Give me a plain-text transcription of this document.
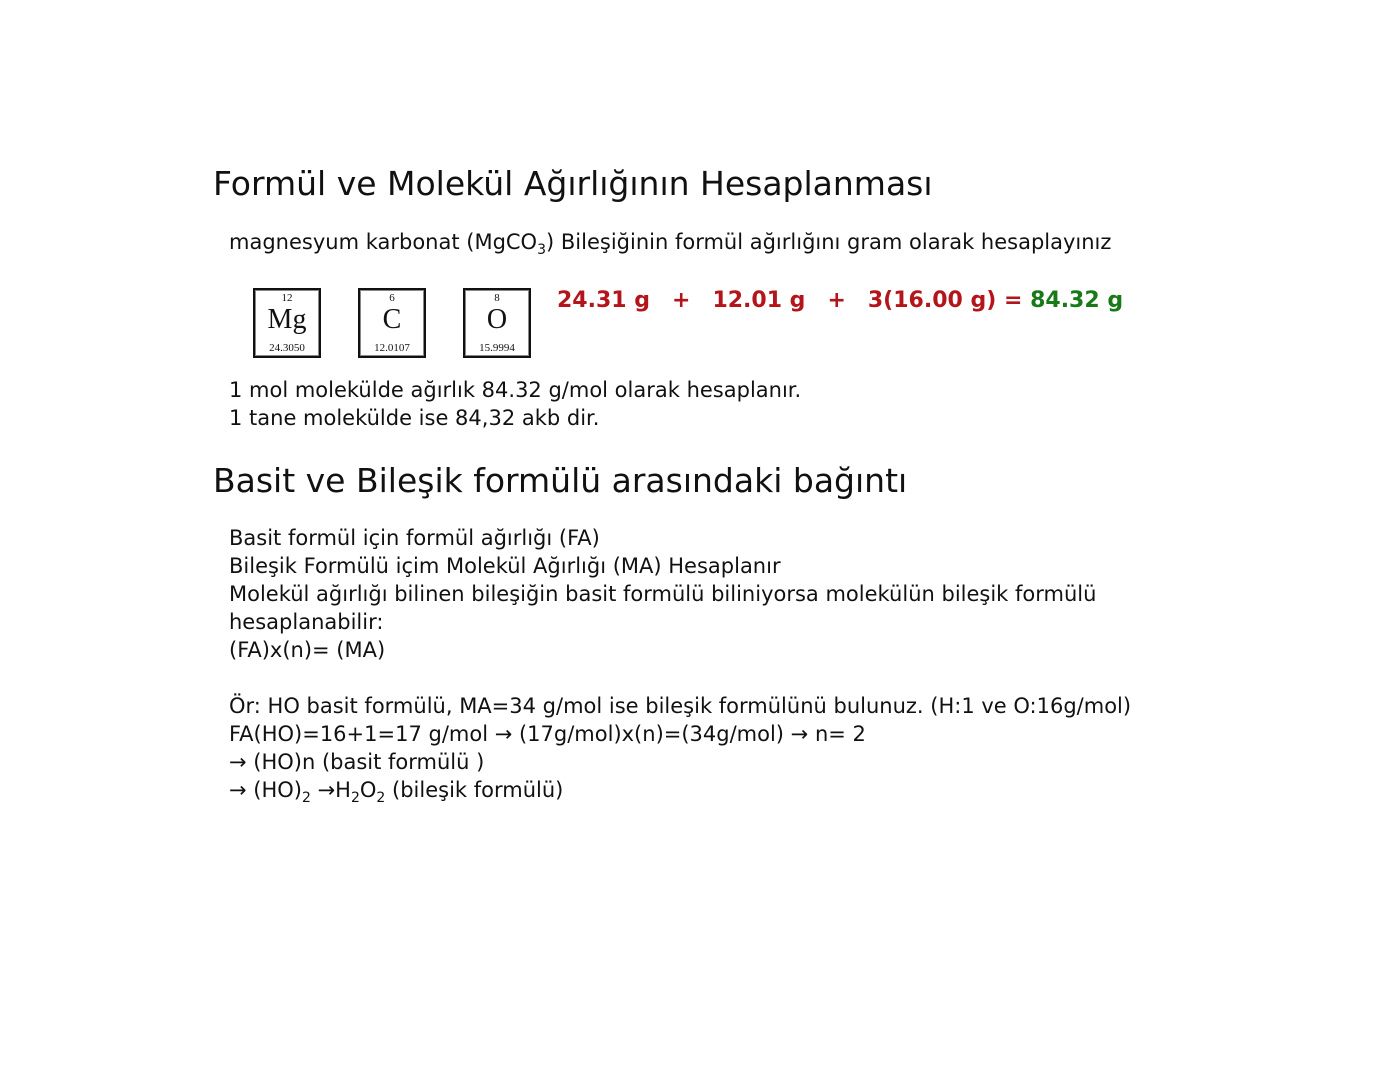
Formül ve Molekül Ağırlığının Hesaplanması
magnesyum karbonat (MgCO$_3$) Bileşiğinin formül ağırlığını gram olarak hesaplayınız
12
Mg
24.3050
6
C
12.0107
8
O
15.9994
24.31 g + 12.01 g + 3(16.00 g) = 84.32 g
1 mol molekülde ağırlık 84.32 g/mol olarak hesaplanır.
1 tane molekülde ise 84,32 akb dir.
Basit ve Bileşik formülü arasındaki bağıntı
Basit formül için formül ağırlığı (FA)
Bileşik Formülü içim Molekül Ağırlığı (MA) Hesaplanır
Molekül ağırlığı bilinen bileşiğin basit formülü biliniyorsa molekülün bileşik formülü
hesaplanabilir:
(FA)x(n)= (MA)
Ör: HO basit formülü, MA=34 g/mol ise bileşik formülünü bulunuz. (H:1 ve O:16g/mol)
FA(HO)=16+1=17 g/mol → (17g/mol)x(n)=(34g/mol) → n= 2
→ (HO)n (basit formülü )
→ $(HO)_2 \to H_2O_2$ (bileşik formülü)
